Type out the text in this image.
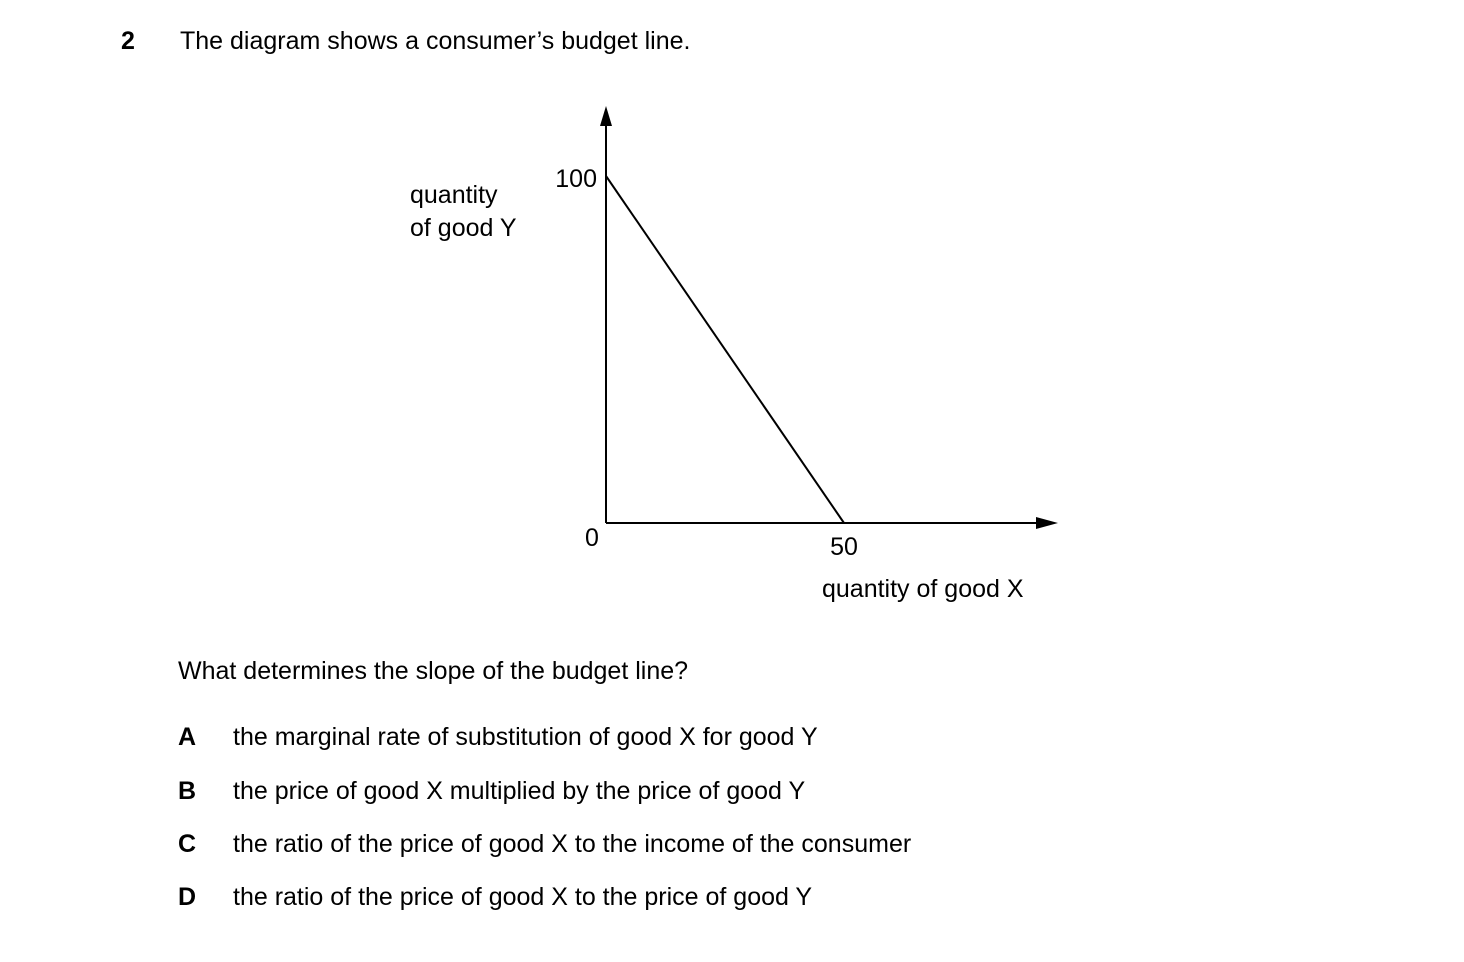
2 The diagram shows a consumer’s budget line.
quantity
of good Y
100
0	50
quantity of good X
What determines the slope of the budget line?
A the marginal rate of substitution of good X for good Y
B the price of good X multiplied by the price of good Y
C the ratio of the price of good X to the income of the consumer
D the ratio of the price of good X to the price of good Y
